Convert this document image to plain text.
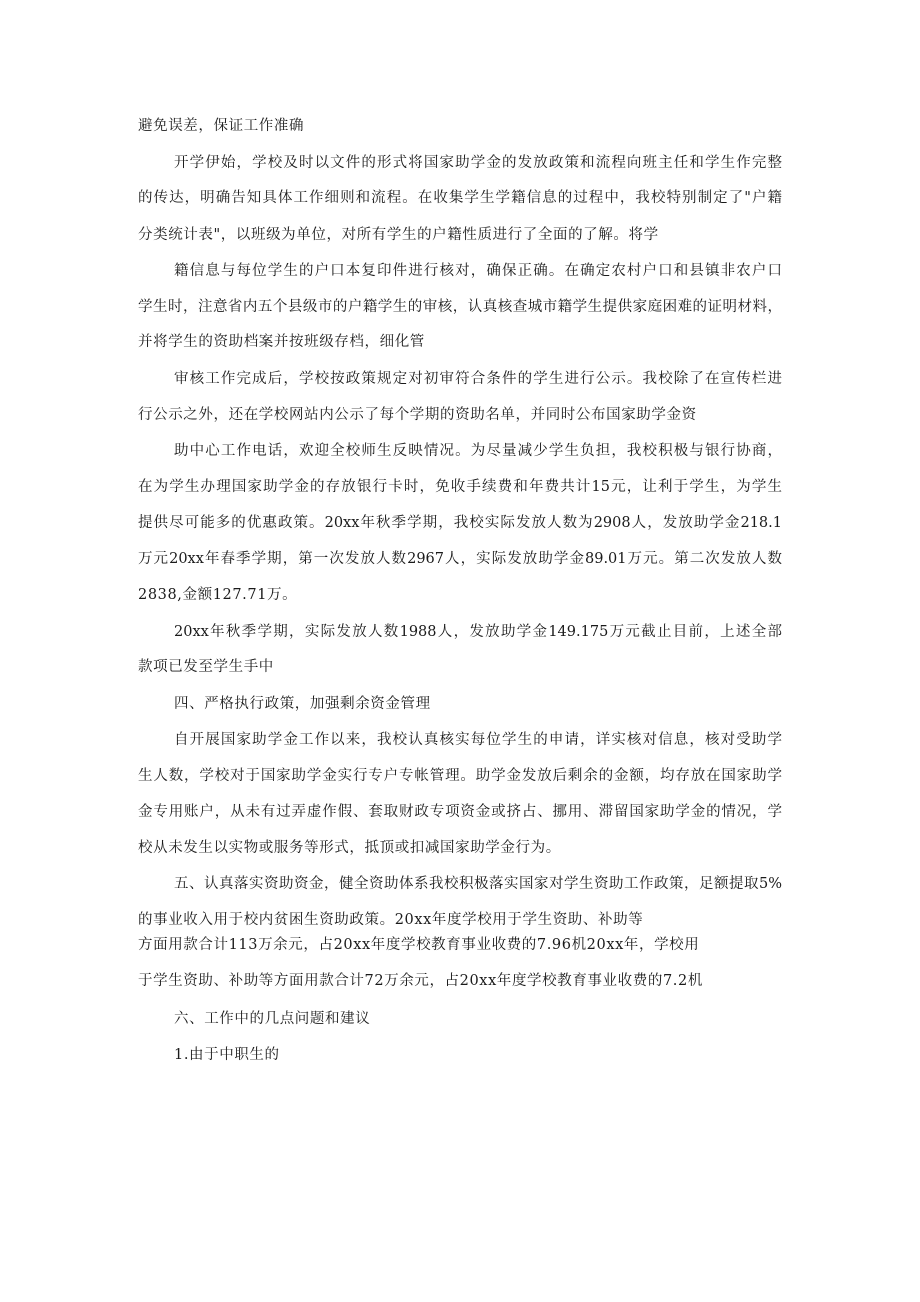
避免误差，保证工作准确
开学伊始，学校及时以文件的形式将国家助学金的发放政策和流程向班主任和学生作完整
的传达，明确告知具体工作细则和流程。在收集学生学籍信息的过程中，我校特别制定了"户籍
分类统计表"，以班级为单位，对所有学生的户籍性质进行了全面的了解。将学
籍信息与每位学生的户口本复印件进行核对，确保正确。在确定农村户口和县镇非农户口
学生时，注意省内五个县级市的户籍学生的审核，认真核查城市籍学生提供家庭困难的证明材料，
并将学生的资助档案并按班级存档，细化管
审核工作完成后，学校按政策规定对初审符合条件的学生进行公示。我校除了在宣传栏进
行公示之外，还在学校网站内公示了每个学期的资助名单，并同时公布国家助学金资
助中心工作电话，欢迎全校师生反映情况。为尽量减少学生负担，我校积极与银行协商，
在为学生办理国家助学金的存放银行卡时，免收手续费和年费共计15元，让利于学生，为学生
提供尽可能多的优惠政策。20xx年秋季学期，我校实际发放人数为2908人，发放助学金218.1
万元20xx年春季学期，第一次发放人数2967人，实际发放助学金89.01万元。第二次发放人数
2838,金额127.71万。
20xx年秋季学期，实际发放人数1988人，发放助学金149.175万元截止目前，上述全部
款项已发至学生手中
四、严格执行政策，加强剩余资金管理
自开展国家助学金工作以来，我校认真核实每位学生的申请，详实核对信息，核对受助学
生人数，学校对于国家助学金实行专户专帐管理。助学金发放后剩余的金额，均存放在国家助学
金专用账户，从未有过弄虚作假、套取财政专项资金或挤占、挪用、滞留国家助学金的情况，学
校从未发生以实物或服务等形式，抵顶或扣减国家助学金行为。
五、认真落实资助资金，健全资助体系我校积极落实国家对学生资助工作政策，足额提取5%
的事业收入用于校内贫困生资助政策。20xx年度学校用于学生资助、补助等
方面用款合计113万余元，占20xx年度学校教育事业收费的7.96机20xx年，学校用
于学生资助、补助等方面用款合计72万余元，占20xx年度学校教育事业收费的7.2机
六、工作中的几点问题和建议
1.由于中职生的
